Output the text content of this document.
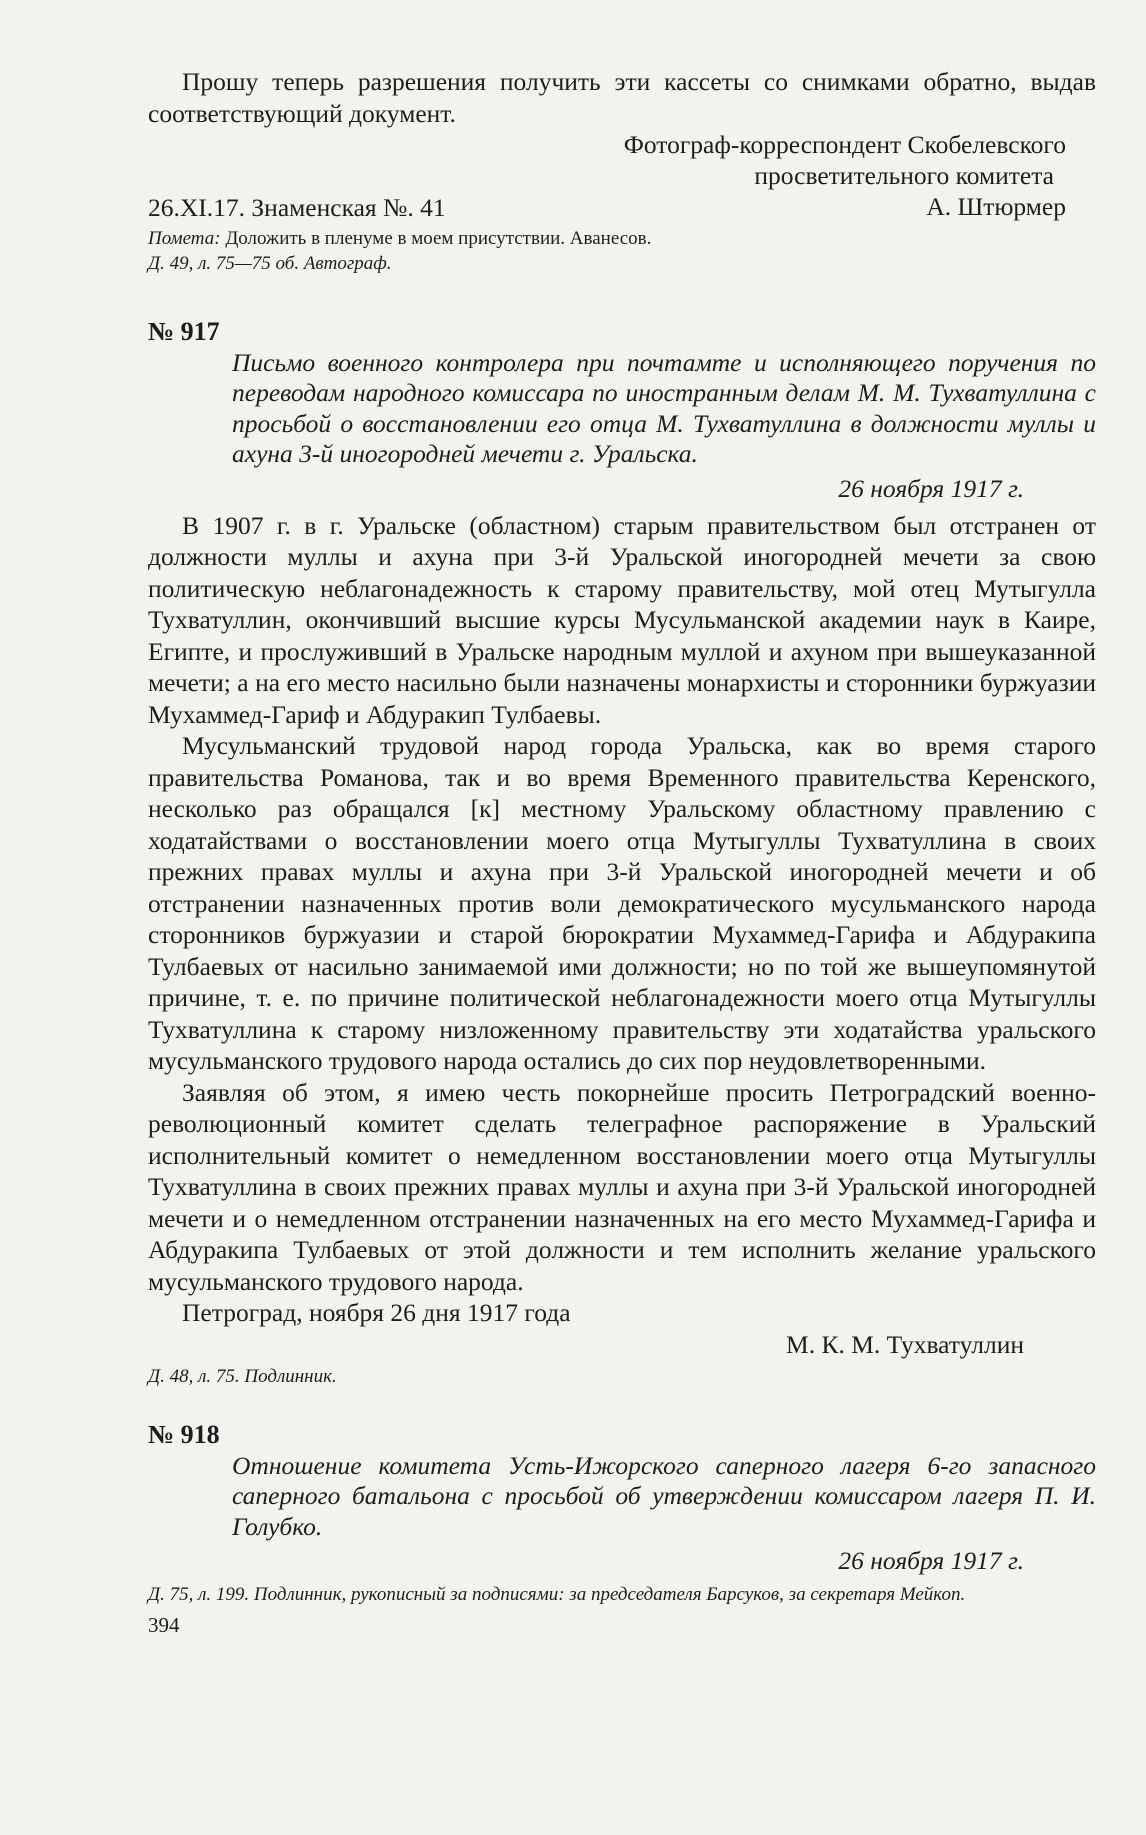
Прошу теперь разрешения получить эти кассеты со снимками обратно, выдав соответствующий документ.

Фотограф-корреспондент Скобелевского
просветительного комитета
А. Штюрмер

26.XI.17. Знаменская №. 41

Помета: Доложить в пленуме в моем присутствии. Аванесов.

Д. 49, л. 75—75 об. Автограф.

№ 917
Письмо военного контролера при почтамте и исполняющего поручения по переводам народного комиссара по иностранным делам М. М. Тухватуллина с просьбой о восстановлении его отца М. Тухватуллина в должности муллы и ахуна 3-й иногородней мечети г. Уральска.
26 ноября 1917 г.

В 1907 г. в г. Уральске (областном) старым правительством был отстранен от должности муллы и ахуна при 3-й Уральской иногородней мечети за свою политическую неблагонадежность к старому правительству, мой отец Мутыгулла Тухватуллин, окончивший высшие курсы Мусульманской академии наук в Каире, Египте, и прослуживший в Уральске народным муллой и ахуном при вышеуказанной мечети; а на его место насильно были назначены монархисты и сторонники буржуазии Мухаммед-Гариф и Абдуракип Тулбаевы.

Мусульманский трудовой народ города Уральска, как во время старого правительства Романова, так и во время Временного правительства Керенского, несколько раз обращался [к] местному Уральскому областному правлению с ходатайствами о восстановлении моего отца Мутыгуллы Тухватуллина в своих прежних правах муллы и ахуна при 3-й Уральской иногородней мечети и об отстранении назначенных против воли демократического мусульманского народа сторонников буржуазии и старой бюрократии Мухаммед-Гарифа и Абдуракипа Тулбаевых от насильно занимаемой ими должности; но по той же вышеупомянутой причине, т. е. по причине политической неблагонадежности моего отца Мутыгуллы Тухватуллина к старому низложенному правительству эти ходатайства уральского мусульманского трудового народа остались до сих пор неудовлетворенными.

Заявляя об этом, я имею честь покорнейше просить Петроградский военно-революционный комитет сделать телеграфное распоряжение в Уральский исполнительный комитет о немедленном восстановлении моего отца Мутыгуллы Тухватуллина в своих прежних правах муллы и ахуна при 3-й Уральской иногородней мечети и о немедленном отстранении назначенных на его место Мухаммед-Гарифа и Абдуракипа Тулбаевых от этой должности и тем исполнить желание уральского мусульманского трудового народа.

Петроград, ноября 26 дня 1917 года

М. К. М. Тухватуллин

Д. 48, л. 75. Подлинник.

№ 918
Отношение комитета Усть-Ижорского саперного лагеря 6-го запасного саперного батальона с просьбой об утверждении комиссаром лагеря П. И. Голубко.
26 ноября 1917 г.

Д. 75, л. 199. Подлинник, рукописный за подписями: за председателя Барсуков, за секретаря Мейкоп.

394
